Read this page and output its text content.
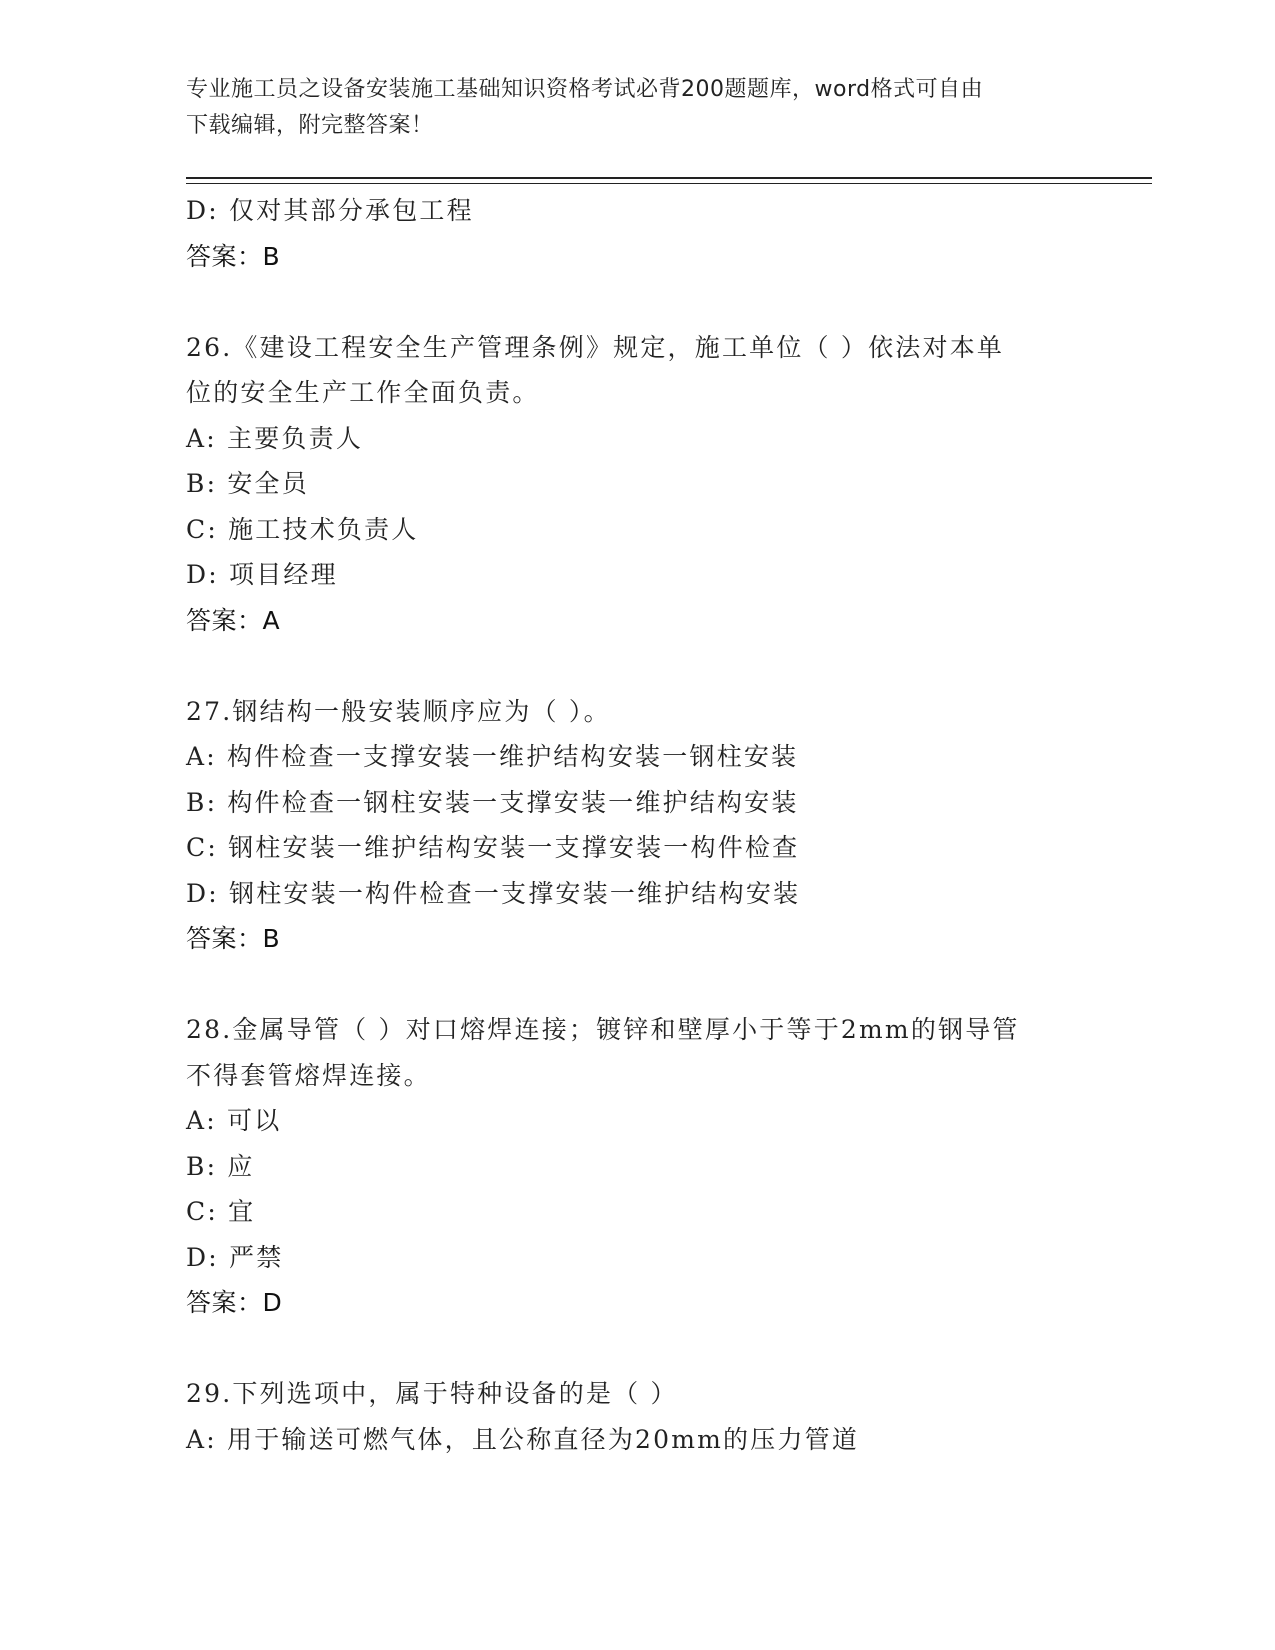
专业施工员之设备安装施工基础知识资格考试必背200题题库，word格式可自由
下载编辑，附完整答案！
D: 仅对其部分承包工程
答案：B
26.《建设工程安全生产管理条例》规定，施工单位（ ）依法对本单
位的安全生产工作全面负责。
A: 主要负责人
B: 安全员
C: 施工技术负责人
D: 项目经理
答案：A
27.钢结构一般安装顺序应为（ ）。
A: 构件检查一支撑安装一维护结构安装一钢柱安装
B: 构件检查一钢柱安装一支撑安装一维护结构安装
C: 钢柱安装一维护结构安装一支撑安装一构件检查
D: 钢柱安装一构件检查一支撑安装一维护结构安装
答案：B
28.金属导管（ ）对口熔焊连接；镀锌和壁厚小于等于2mm的钢导管
不得套管熔焊连接。
A: 可以
B: 应
C: 宜
D: 严禁
答案：D
29.下列选项中，属于特种设备的是（ ）
A: 用于输送可燃气体，且公称直径为20mm的压力管道
